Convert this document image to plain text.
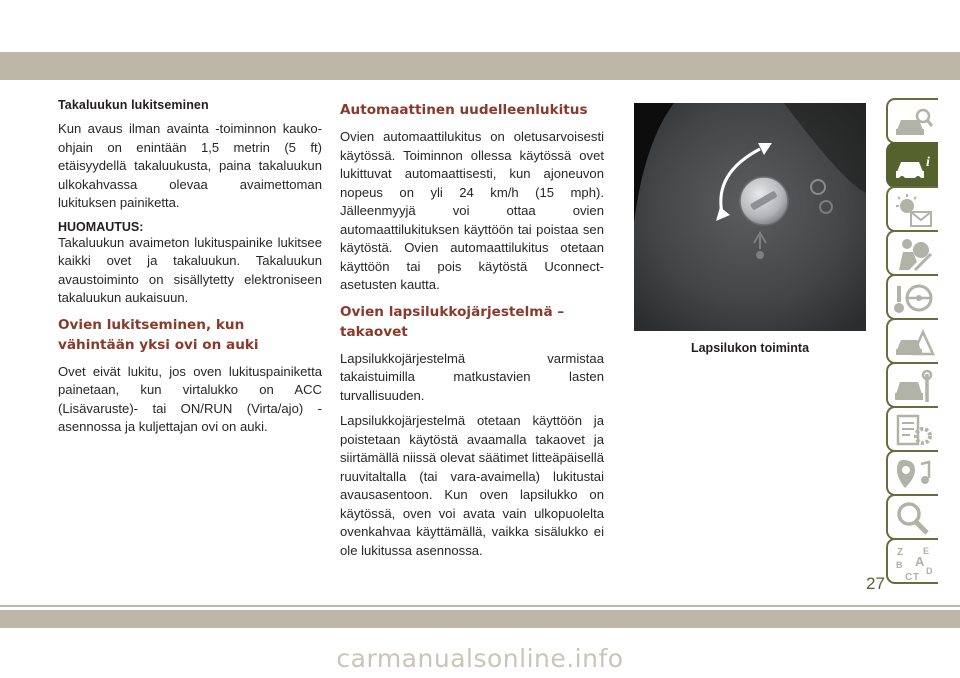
Takaluukun lukitseminen

Kun avaus ilman avainta -toiminnon kauko-ohjain on enintään 1,5 metrin (5 ft) etäisyydellä takaluukusta, paina takaluukun ulkokahvassa olevaa avaimettoman lukituksen painiketta.

HUOMAUTUS:

Takaluukun avaimeton lukituspainike lukitsee kaikki ovet ja takaluukun. Takaluukun avaustoiminto on sisällytetty elektroniseen takaluukun aukaisuun.

Ovien lukitseminen, kun vähintään yksi ovi on auki

Ovet eivät lukitu, jos oven lukituspainiketta painetaan, kun virtalukko on ACC (Lisävaruste)- tai ON/RUN (Virta/ajo) -asennossa ja kuljettajan ovi on auki.

Automaattinen uudelleenlukitus

Ovien automaattilukitus on oletusarvoisesti käytössä. Toiminnon ollessa käytössä ovet lukittuvat automaattisesti, kun ajoneuvon nopeus on yli 24 km/h (15 mph). Jälleenmyyjä voi ottaa ovien automaattilukituksen käyttöön tai poistaa sen käytöstä. Ovien automaattilukitus otetaan käyttöön tai pois käytöstä Uconnect-asetusten kautta.

Ovien lapsilukkojärjestelmä – takaovet

Lapsilukkojärjestelmä varmistaa takaistuimilla matkustavien lasten turvallisuuden.

Lapsilukkojärjestelmä otetaan käyttöön ja poistetaan käytöstä avaamalla takaovet ja siirtämällä niissä olevat säätimet litteäpäisellä ruuvitaltalla (tai vara-avaimella) lukitustai avausasentoon. Kun oven lapsilukko on käytössä, oven voi avata vain ulkopuolelta ovenkahvaa käyttämällä, vaikka sisälukko ei ole lukitussa asennossa.

Lapsilukon toiminta
i
Z E
B A
C T
D
27
carmanualsonline.info
